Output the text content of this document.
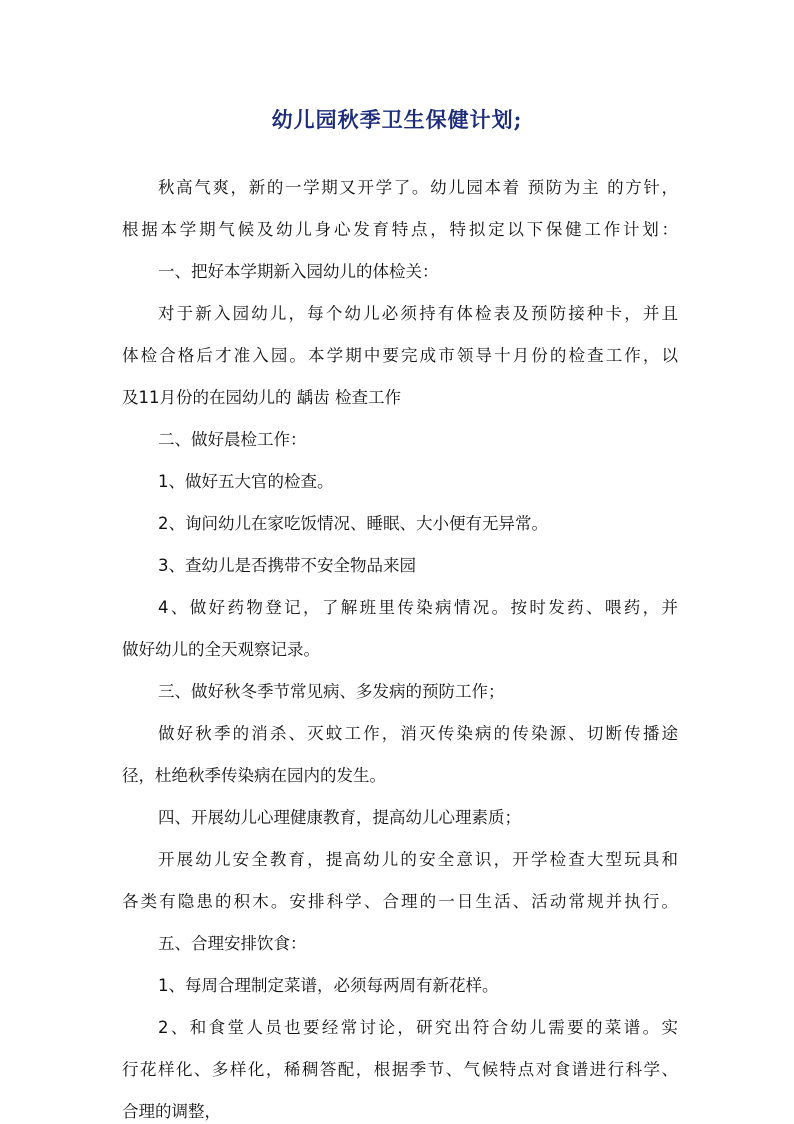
幼儿园秋季卫生保健计划;
秋高气爽，新的一学期又开学了。幼儿园本着 预防为主 的方针，
根据本学期气候及幼儿身心发育特点，特拟定以下保健工作计划：
一、把好本学期新入园幼儿的体检关：
对于新入园幼儿，每个幼儿必须持有体检表及预防接种卡，并且
体检合格后才准入园。本学期中要完成市领导十月份的检查工作，以
及11月份的在园幼儿的 龋齿 检查工作
二、做好晨检工作：
1、做好五大官的检查。
2、询问幼儿在家吃饭情况、睡眠、大小便有无异常。
3、查幼儿是否携带不安全物品来园
4、做好药物登记，了解班里传染病情况。按时发药、喂药，并
做好幼儿的全天观察记录。
三、做好秋冬季节常见病、多发病的预防工作；
做好秋季的消杀、灭蚊工作，消灭传染病的传染源、切断传播途
径，杜绝秋季传染病在园内的发生。
四、开展幼儿心理健康教育，提高幼儿心理素质；
开展幼儿安全教育，提高幼儿的安全意识，开学检查大型玩具和
各类有隐患的积木。安排科学、合理的一日生活、活动常规并执行。
五、合理安排饮食：
1、每周合理制定菜谱，必须每两周有新花样。
2、和食堂人员也要经常讨论，研究出符合幼儿需要的菜谱。实
行花样化、多样化，稀稠答配，根据季节、气候特点对食谱进行科学、
合理的调整，
